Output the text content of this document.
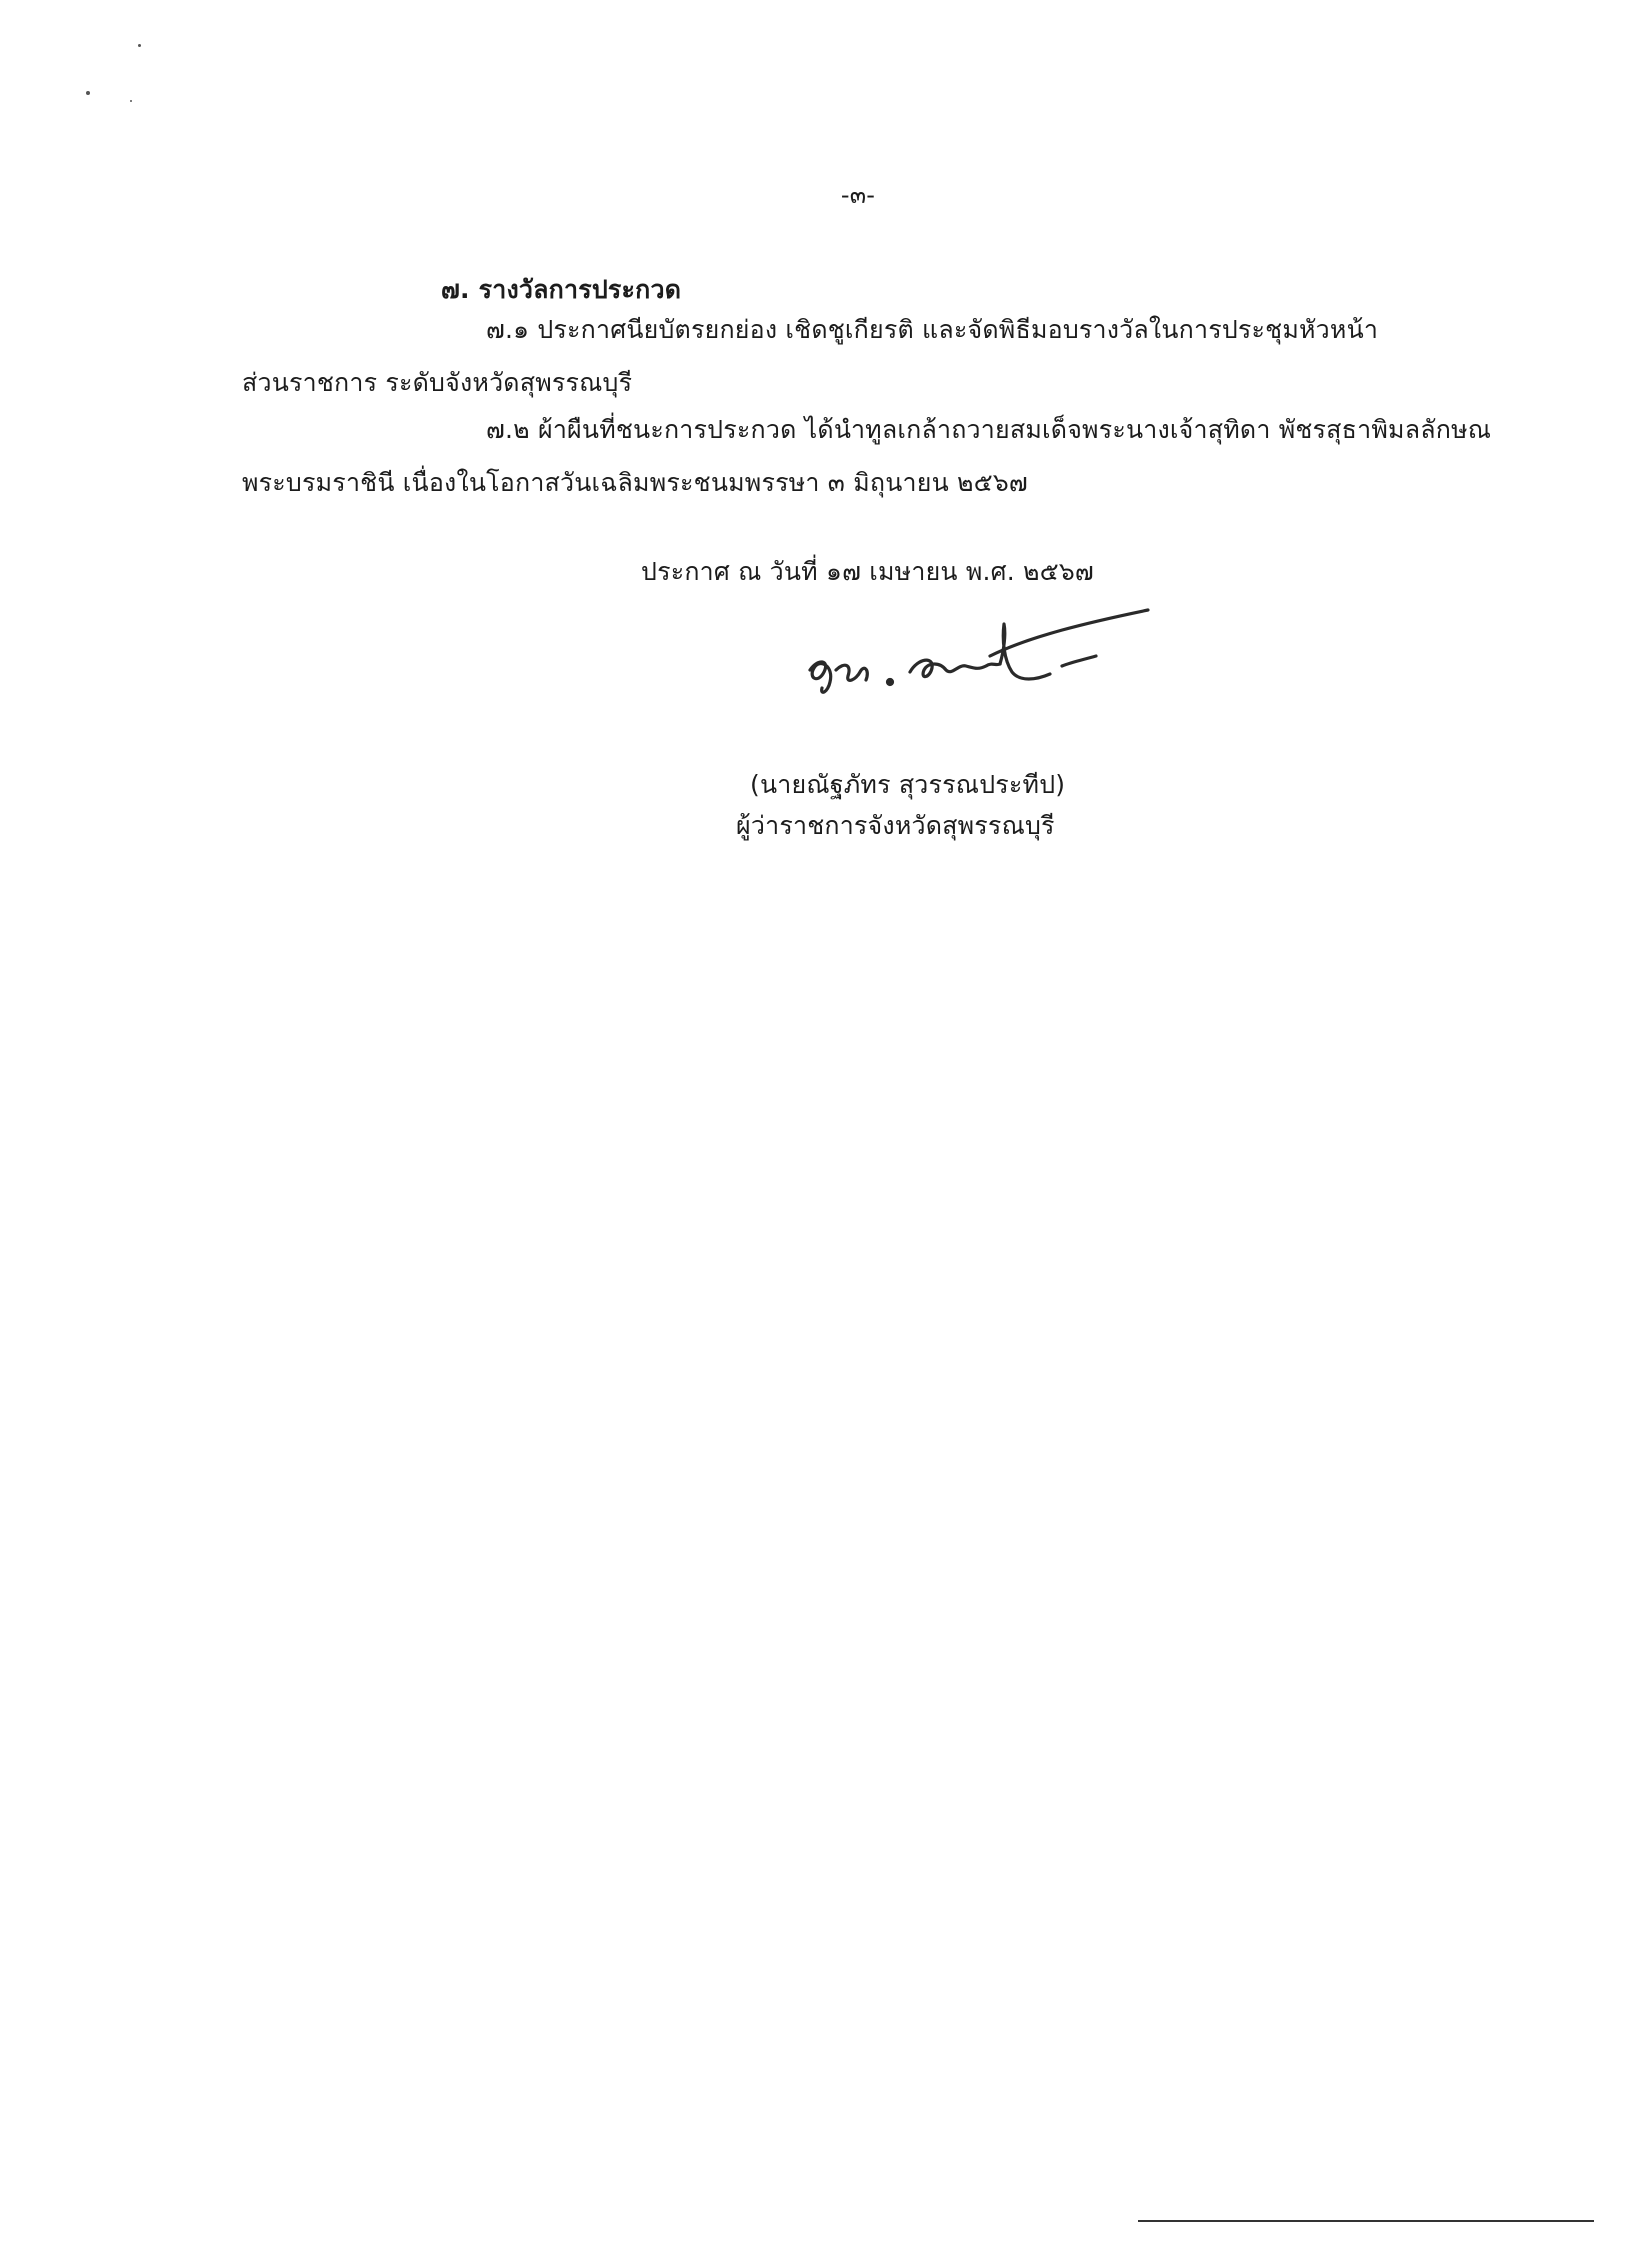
-๓-
๗. รางวัลการประกวด
๗.๑ ประกาศนียบัตรยกย่อง เชิดชูเกียรติ และจัดพิธีมอบรางวัลในการประชุมหัวหน้า
ส่วนราชการ ระดับจังหวัดสุพรรณบุรี
๗.๒ ผ้าผืนที่ชนะการประกวด ได้นำทูลเกล้าถวายสมเด็จพระนางเจ้าสุทิดา พัชรสุธาพิมลลักษณ
พระบรมราชินี เนื่องในโอกาสวันเฉลิมพระชนมพรรษา ๓ มิถุนายน ๒๕๖๗
ประกาศ ณ วันที่ ๑๗ เมษายน พ.ศ. ๒๕๖๗
(นายณัฐภัทร สุวรรณประทีป)
ผู้ว่าราชการจังหวัดสุพรรณบุรี
